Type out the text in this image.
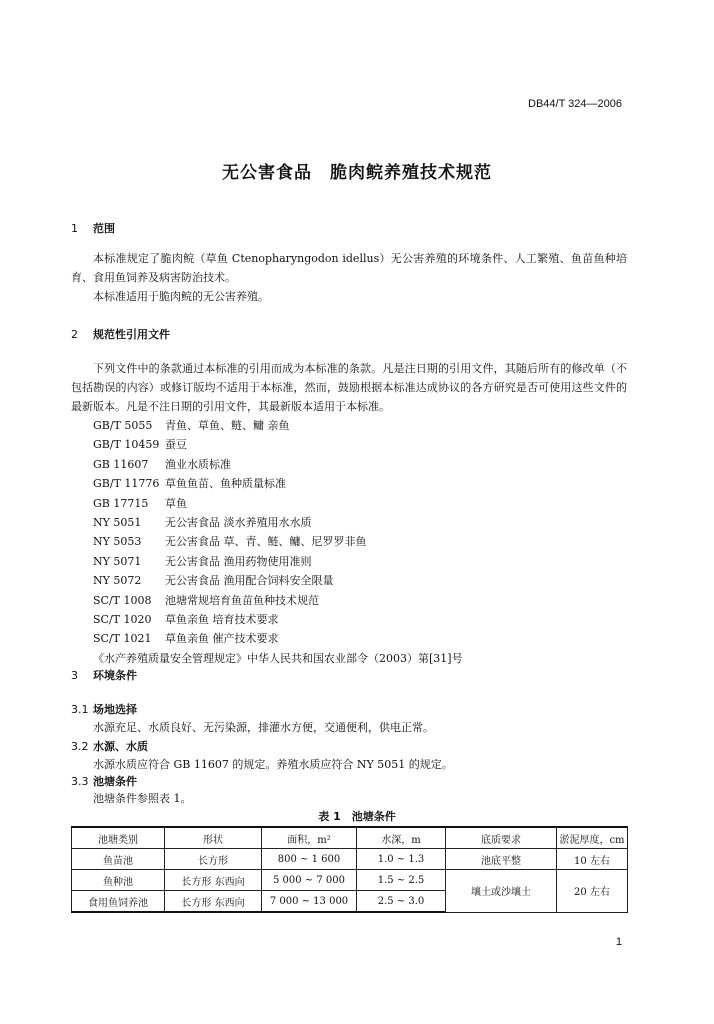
DB44/T 324—2006
无公害食品　脆肉鲩养殖技术规范
1 范围
本标准规定了脆肉鲩（草鱼 Ctenopharyngodon idellus）无公害养殖的环境条件、人工繁殖、鱼苗鱼种培育、食用鱼饲养及病害防治技术。
本标准适用于脆肉鲩的无公害养殖。
2 规范性引用文件
下列文件中的条款通过本标准的引用而成为本标准的条款。凡是注日期的引用文件，其随后所有的修改单（不包括勘误的内容）或修订版均不适用于本标准，然而，鼓励根据本标准达成协议的各方研究是否可使用这些文件的最新版本。凡是不注日期的引用文件，其最新版本适用于本标准。
GB/T 5055 青鱼、草鱼、鲢、鳙 亲鱼
GB/T 10459 蚕豆
GB 11607 渔业水质标准
GB/T 11776 草鱼鱼苗、鱼种质量标准
GB 17715 草鱼
NY 5051 无公害食品 淡水养殖用水水质
NY 5053 无公害食品 草、青、鲢、鳙、尼罗罗非鱼
NY 5071 无公害食品 渔用药物使用准则
NY 5072 无公害食品 渔用配合饲料安全限量
SC/T 1008 池塘常规培育鱼苗鱼种技术规范
SC/T 1020 草鱼亲鱼 培育技术要求
SC/T 1021 草鱼亲鱼 催产技术要求
《水产养殖质量安全管理规定》中华人民共和国农业部令（2003）第[31]号
3 环境条件
3.1 场地选择
水源充足、水质良好、无污染源，排灌水方便，交通便利，供电正常。
3.2 水源、水质
水源水质应符合 GB 11607 的规定。养殖水质应符合 NY 5051 的规定。
3.3 池塘条件
池塘条件参照表 1。
表 1　池塘条件
池塘类别	形状	面积，m²	水深，m	底质要求	淤泥厚度，cm
鱼苗池	长方形	800 ~ 1 600	1.0 ~ 1.3	池底平整	10 左右
鱼种池	长方形 东西向	5 000 ~ 7 000	1.5 ~ 2.5	壤土或沙壤土	20 左右
食用鱼饲养池	长方形 东西向	7 000 ~ 13 000	2.5 ~ 3.0		
1
